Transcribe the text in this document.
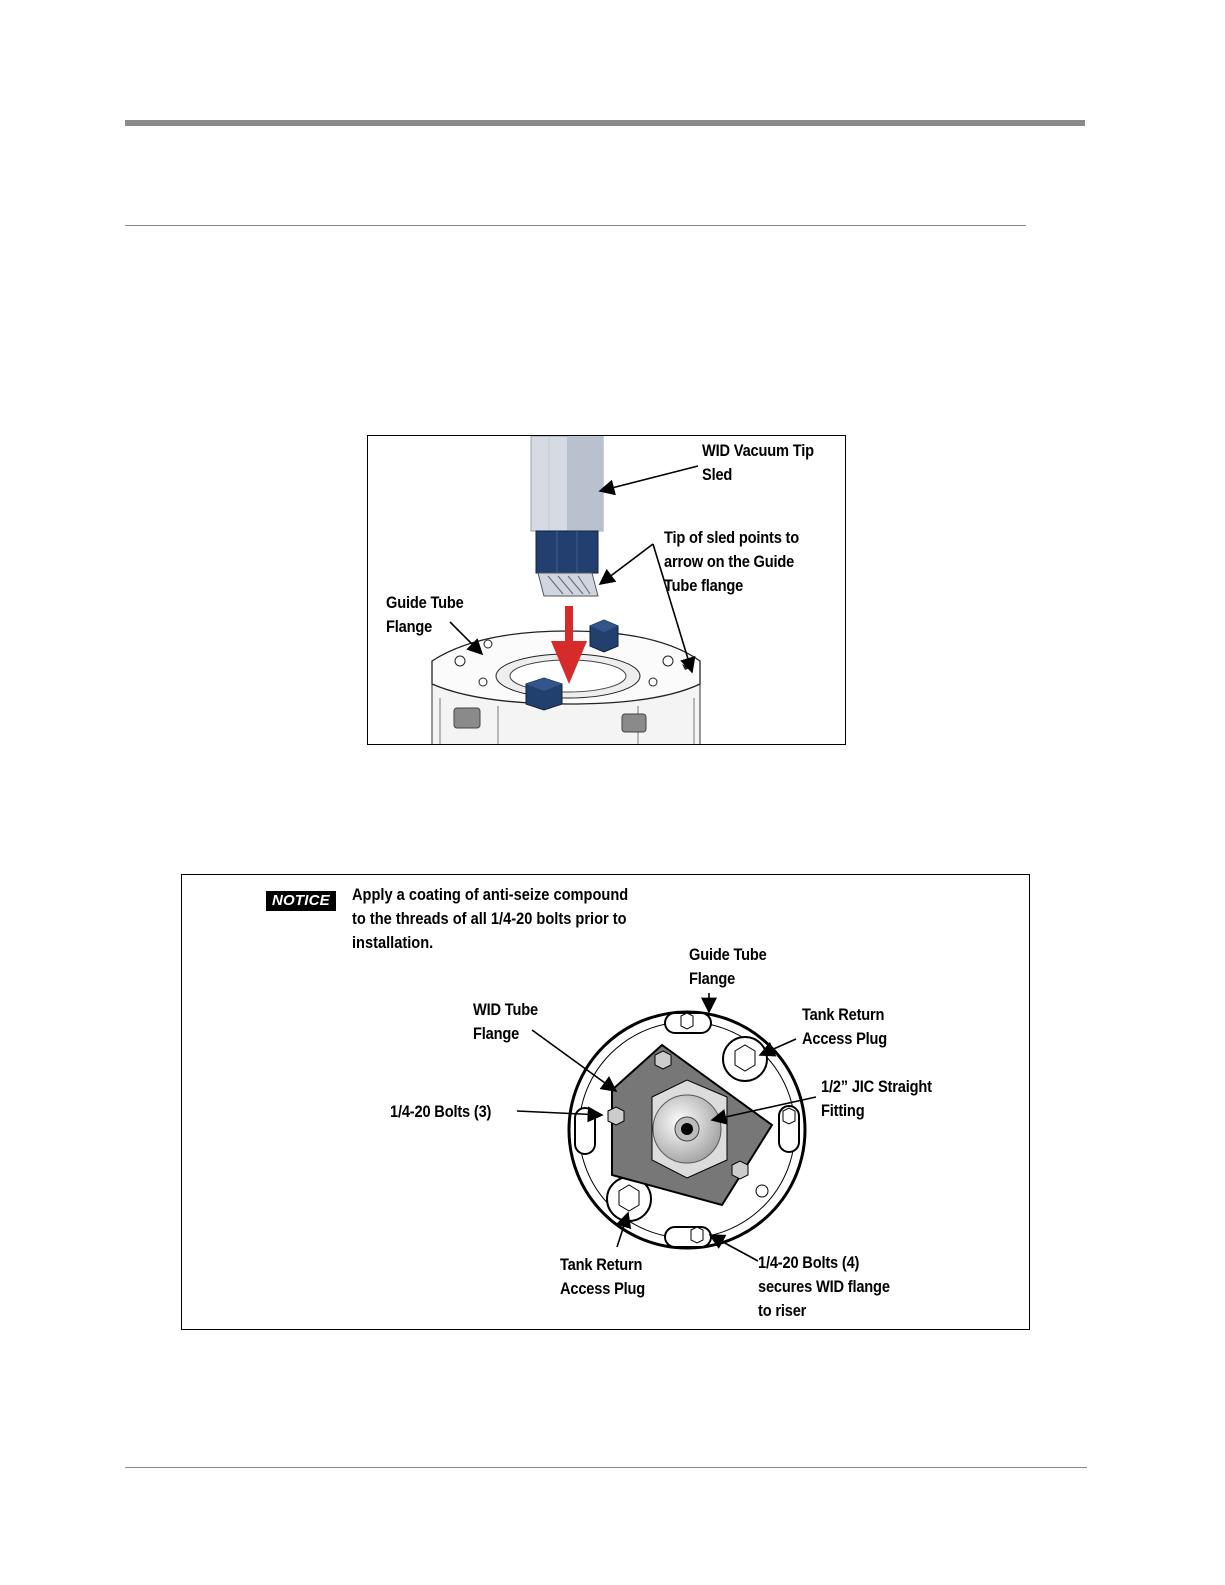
WID Vacuum Tip
Sled
Tip of sled points to
arrow on the Guide
Tube flange
Guide Tube
Flange
NOTICE	Apply a coating of anti-seize compound
to the threads of all 1/4-20 bolts prior to
installation.
Guide Tube
Flange
WID Tube
Flange
Tank Return
Access Plug
1/2” JIC Straight
Fitting
1/4-20 Bolts (3)
Tank Return
Access Plug
1/4-20 Bolts (4)
secures WID flange
to riser
